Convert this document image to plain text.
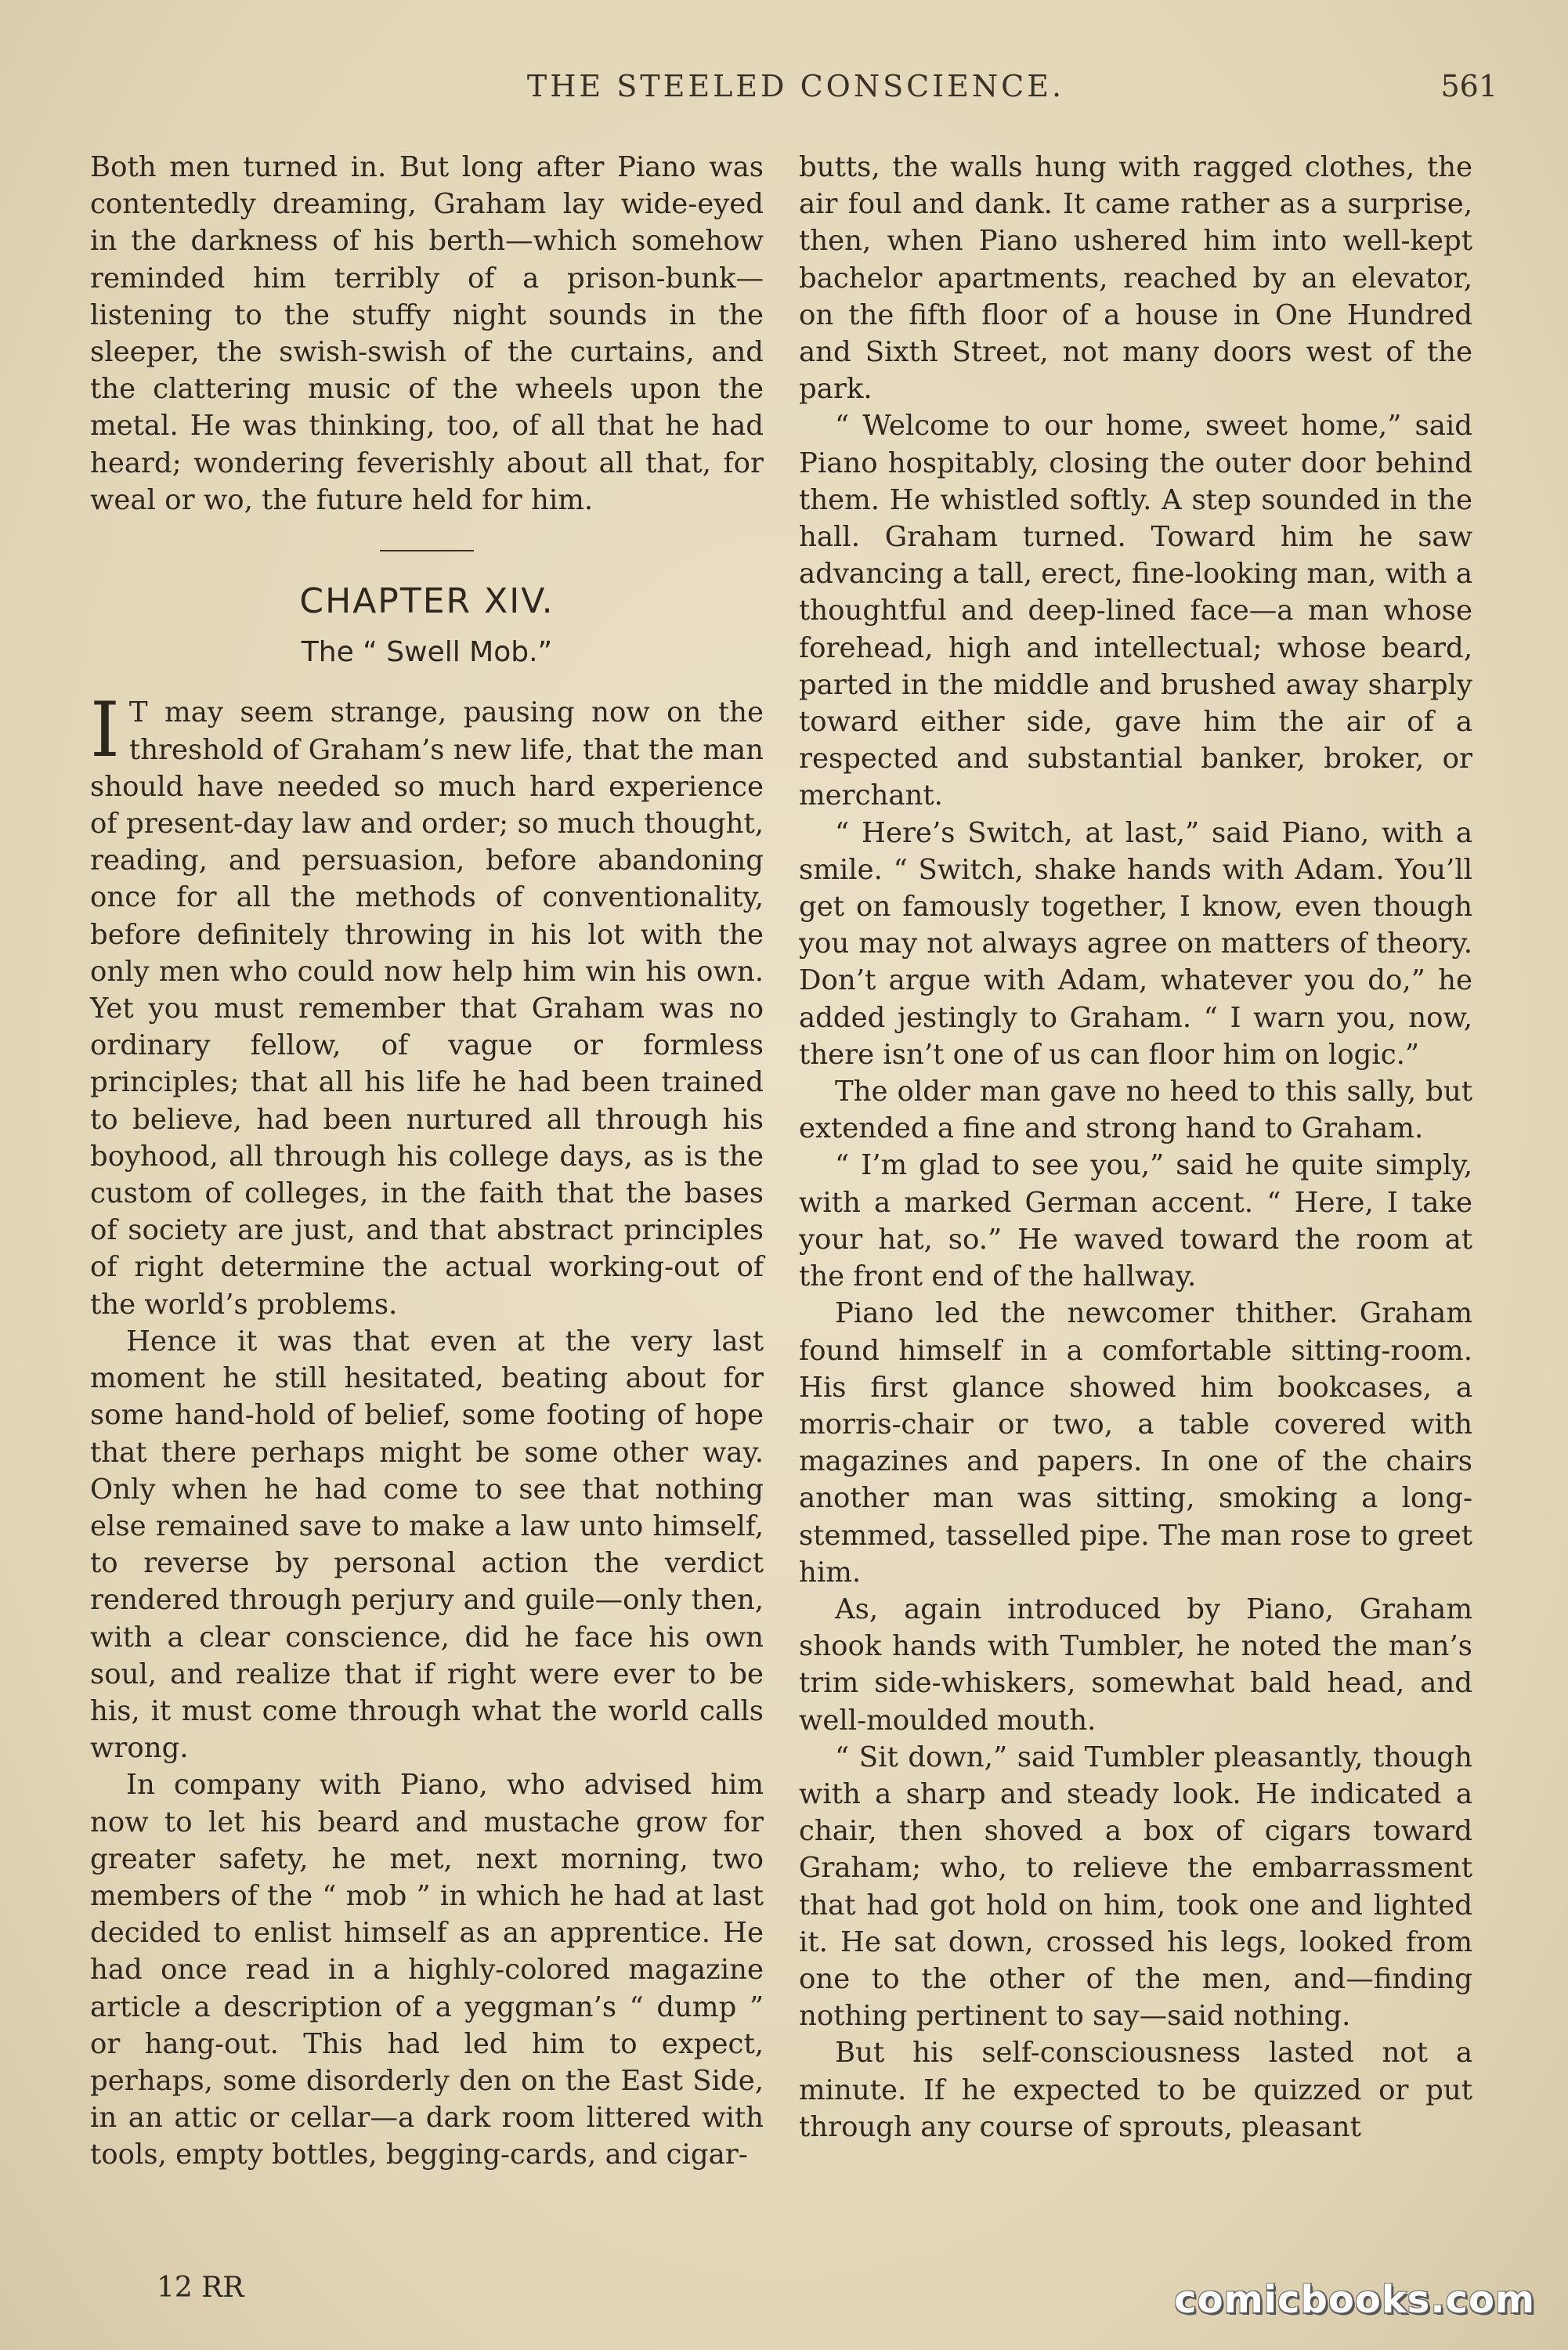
THE STEELED CONSCIENCE.	561

Both men turned in. But long after Piano was contentedly dreaming, Graham lay wide-eyed in the darkness of his berth—which somehow reminded him terribly of a prison-bunk—listening to the stuffy night sounds in the sleeper, the swish-swish of the curtains, and the clattering music of the wheels upon the metal. He was thinking, too, of all that he had heard; wondering feverishly about all that, for weal or wo, the future held for him.

CHAPTER XIV.
The “ Swell Mob.”

I T may seem strange, pausing now on the threshold of Graham’s new life, that the man should have needed so much hard experience of present-day law and order; so much thought, reading, and persuasion, before abandoning once for all the methods of conventionality, before definitely throwing in his lot with the only men who could now help him win his own. Yet you must remember that Graham was no ordinary fellow, of vague or formless principles; that all his life he had been trained to believe, had been nurtured all through his boyhood, all through his college days, as is the custom of colleges, in the faith that the bases of society are just, and that abstract principles of right determine the actual working-out of the world’s problems.

Hence it was that even at the very last moment he still hesitated, beating about for some hand-hold of belief, some footing of hope that there perhaps might be some other way. Only when he had come to see that nothing else remained save to make a law unto himself, to reverse by personal action the verdict rendered through perjury and guile—only then, with a clear conscience, did he face his own soul, and realize that if right were ever to be his, it must come through what the world calls wrong.

In company with Piano, who advised him now to let his beard and mustache grow for greater safety, he met, next morning, two members of the “ mob ” in which he had at last decided to enlist himself as an apprentice. He had once read in a highly-colored magazine article a description of a yeggman’s “ dump ” or hang-out. This had led him to expect, perhaps, some disorderly den on the East Side, in an attic or cellar—a dark room littered with tools, empty bottles, begging-cards, and cigar-

butts, the walls hung with ragged clothes, the air foul and dank. It came rather as a surprise, then, when Piano ushered him into well-kept bachelor apartments, reached by an elevator, on the fifth floor of a house in One Hundred and Sixth Street, not many doors west of the park.

“ Welcome to our home, sweet home,” said Piano hospitably, closing the outer door behind them. He whistled softly. A step sounded in the hall. Graham turned. Toward him he saw advancing a tall, erect, fine-looking man, with a thoughtful and deep-lined face—a man whose forehead, high and intellectual; whose beard, parted in the middle and brushed away sharply toward either side, gave him the air of a respected and substantial banker, broker, or merchant.

“ Here’s Switch, at last,” said Piano, with a smile. “ Switch, shake hands with Adam. You’ll get on famously together, I know, even though you may not always agree on matters of theory. Don’t argue with Adam, whatever you do,” he added jestingly to Graham. “ I warn you, now, there isn’t one of us can floor him on logic.”

The older man gave no heed to this sally, but extended a fine and strong hand to Graham.

“ I’m glad to see you,” said he quite simply, with a marked German accent. “ Here, I take your hat, so.” He waved toward the room at the front end of the hallway.

Piano led the newcomer thither. Graham found himself in a comfortable sitting-room. His first glance showed him bookcases, a morris-chair or two, a table covered with magazines and papers. In one of the chairs another man was sitting, smoking a long-stemmed, tasselled pipe. The man rose to greet him.

As, again introduced by Piano, Graham shook hands with Tumbler, he noted the man’s trim side-whiskers, somewhat bald head, and well-moulded mouth.

“ Sit down,” said Tumbler pleasantly, though with a sharp and steady look. He indicated a chair, then shoved a box of cigars toward Graham; who, to relieve the embarrassment that had got hold on him, took one and lighted it. He sat down, crossed his legs, looked from one to the other of the men, and—finding nothing pertinent to say—said nothing.

But his self-consciousness lasted not a minute. If he expected to be quizzed or put through any course of sprouts, pleasant

12 RR	comicbooks.com
